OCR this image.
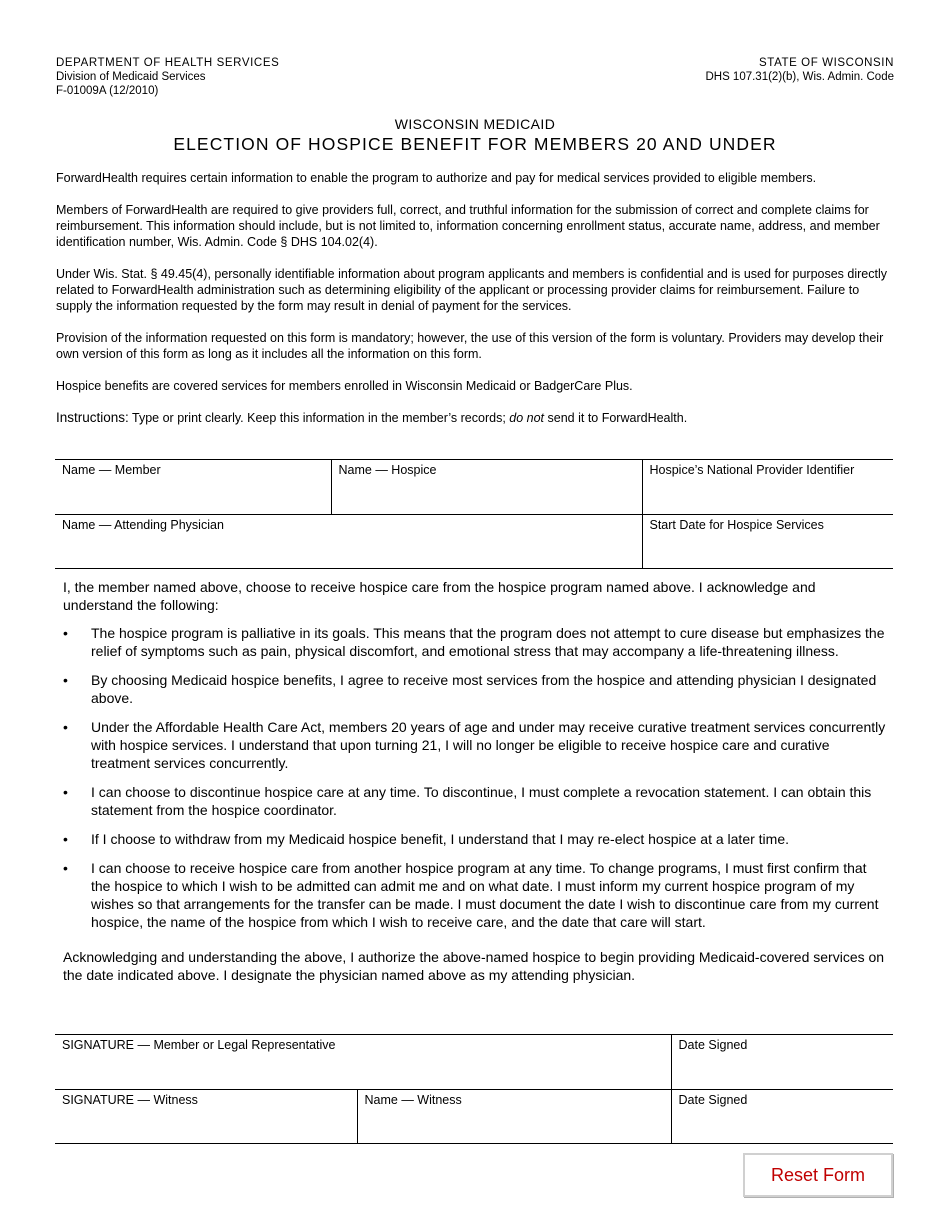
DEPARTMENT OF HEALTH SERVICES
Division of Medicaid Services
F-01009A (12/2010)
STATE OF WISCONSIN
DHS 107.31(2)(b), Wis. Admin. Code
WISCONSIN MEDICAID
ELECTION OF HOSPICE BENEFIT FOR MEMBERS 20 AND UNDER

ForwardHealth requires certain information to enable the program to authorize and pay for medical services provided to eligible members.

Members of ForwardHealth are required to give providers full, correct, and truthful information for the submission of correct and complete claims for reimbursement. This information should include, but is not limited to, information concerning enrollment status, accurate name, address, and member identification number, Wis. Admin. Code § DHS 104.02(4).

Under Wis. Stat. § 49.45(4), personally identifiable information about program applicants and members is confidential and is used for purposes directly related to ForwardHealth administration such as determining eligibility of the applicant or processing provider claims for reimbursement. Failure to supply the information requested by the form may result in denial of payment for the services.

Provision of the information requested on this form is mandatory; however, the use of this version of the form is voluntary. Providers may develop their own version of this form as long as it includes all the information on this form.

Hospice benefits are covered services for members enrolled in Wisconsin Medicaid or BadgerCare Plus.

Instructions: Type or print clearly. Keep this information in the member’s records; do not send it to ForwardHealth.

Name — Member	Name — Hospice	Hospice’s National Provider Identifier
Name — Attending Physician		Start Date for Hospice Services

I, the member named above, choose to receive hospice care from the hospice program named above. I acknowledge and understand the following:

• The hospice program is palliative in its goals. This means that the program does not attempt to cure disease but emphasizes the relief of symptoms such as pain, physical discomfort, and emotional stress that may accompany a life-threatening illness.
• By choosing Medicaid hospice benefits, I agree to receive most services from the hospice and attending physician I designated above.
• Under the Affordable Health Care Act, members 20 years of age and under may receive curative treatment services concurrently with hospice services. I understand that upon turning 21, I will no longer be eligible to receive hospice care and curative treatment services concurrently.
• I can choose to discontinue hospice care at any time. To discontinue, I must complete a revocation statement. I can obtain this statement from the hospice coordinator.
• If I choose to withdraw from my Medicaid hospice benefit, I understand that I may re-elect hospice at a later time.
• I can choose to receive hospice care from another hospice program at any time. To change programs, I must first confirm that the hospice to which I wish to be admitted can admit me and on what date. I must inform my current hospice program of my wishes so that arrangements for the transfer can be made. I must document the date I wish to discontinue care from my current hospice, the name of the hospice from which I wish to receive care, and the date that care will start.

Acknowledging and understanding the above, I authorize the above-named hospice to begin providing Medicaid-covered services on the date indicated above. I designate the physician named above as my attending physician.

SIGNATURE — Member or Legal Representative		Date Signed
SIGNATURE — Witness	Name — Witness	Date Signed
Reset Form
